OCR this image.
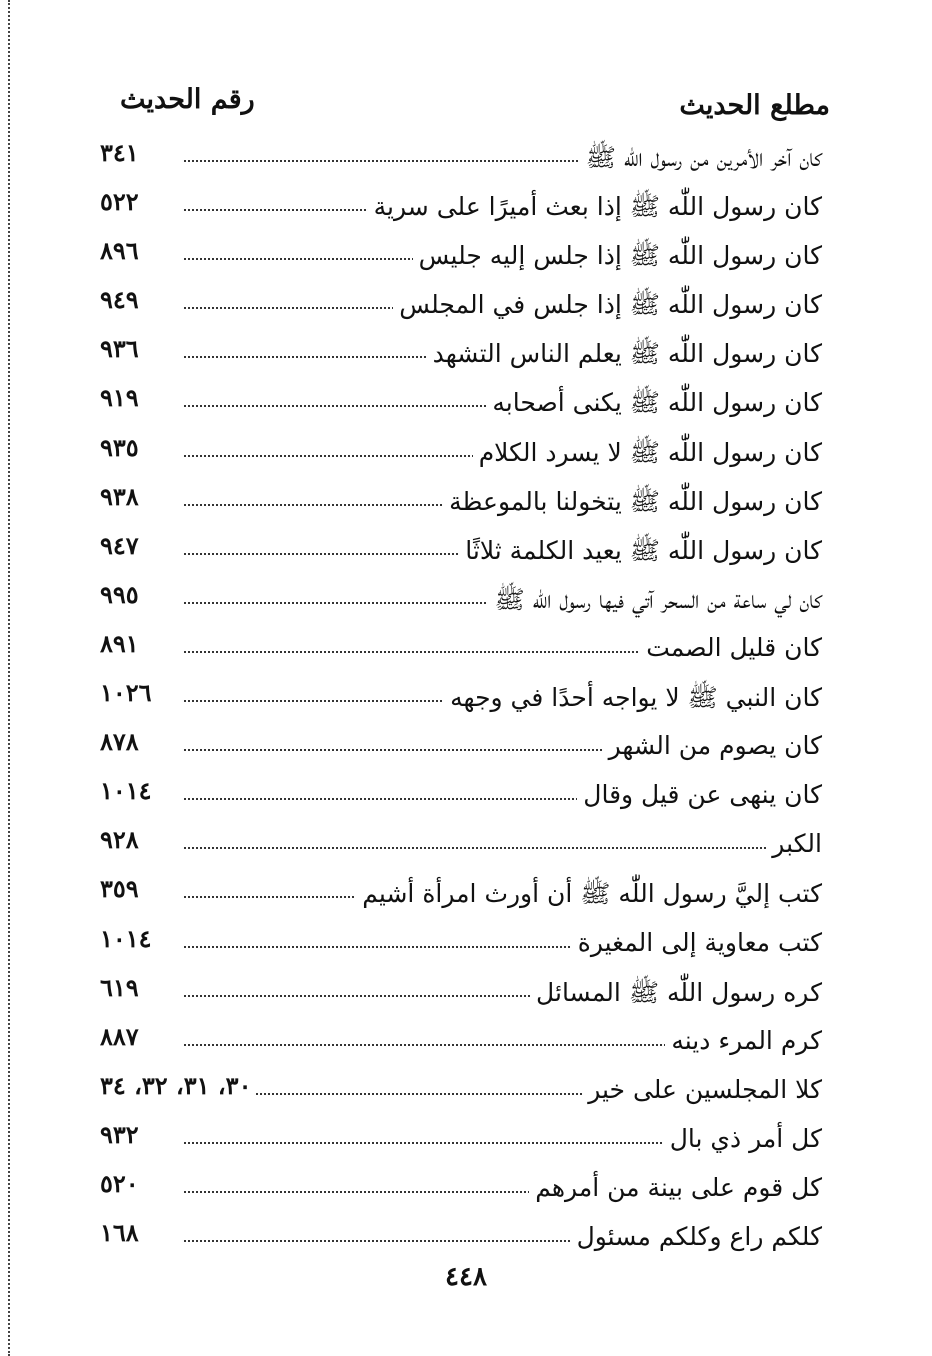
مطلع الحديث
رقم الحديث
كان آخر الأمرين من رسول اللّٰه ﷺ
٣٤١
كان رسول اللّٰه ﷺ إذا بعث أميرًا على سرية
٥٢٢
كان رسول اللّٰه ﷺ إذا جلس إليه جليس
٨٩٦
كان رسول اللّٰه ﷺ إذا جلس في المجلس
٩٤٩
كان رسول اللّٰه ﷺ يعلم الناس التشهد
٩٣٦
كان رسول اللّٰه ﷺ يكنى أصحابه
٩١٩
كان رسول اللّٰه ﷺ لا يسرد الكلام
٩٣٥
كان رسول اللّٰه ﷺ يتخولنا بالموعظة
٩٣٨
كان رسول اللّٰه ﷺ يعيد الكلمة ثلاثًا
٩٤٧
كان لي ساعة من السحر آتي فيها رسول اللّٰه ﷺ
٩٩٥
كان قليل الصمت
٨٩١
كان النبي ﷺ لا يواجه أحدًا في وجهه
١٠٢٦
كان يصوم من الشهر
٨٧٨
كان ينهى عن قيل وقال
١٠١٤
الكبر
٩٢٨
كتب إليَّ رسول اللّٰه ﷺ أن أورث امرأة أشيم
٣٥٩
كتب معاوية إلى المغيرة
١٠١٤
كره رسول اللّٰه ﷺ المسائل
٦١٩
كرم المرء دينه
٨٨٧
كلا المجلسين على خير
٣٠، ٣١، ٣٢، ٣٤
كل أمر ذي بال
٩٣٢
كل قوم على بينة من أمرهم
٥٢٠
كلكم راع وكلكم مسئول
١٦٨
٤٤٨
